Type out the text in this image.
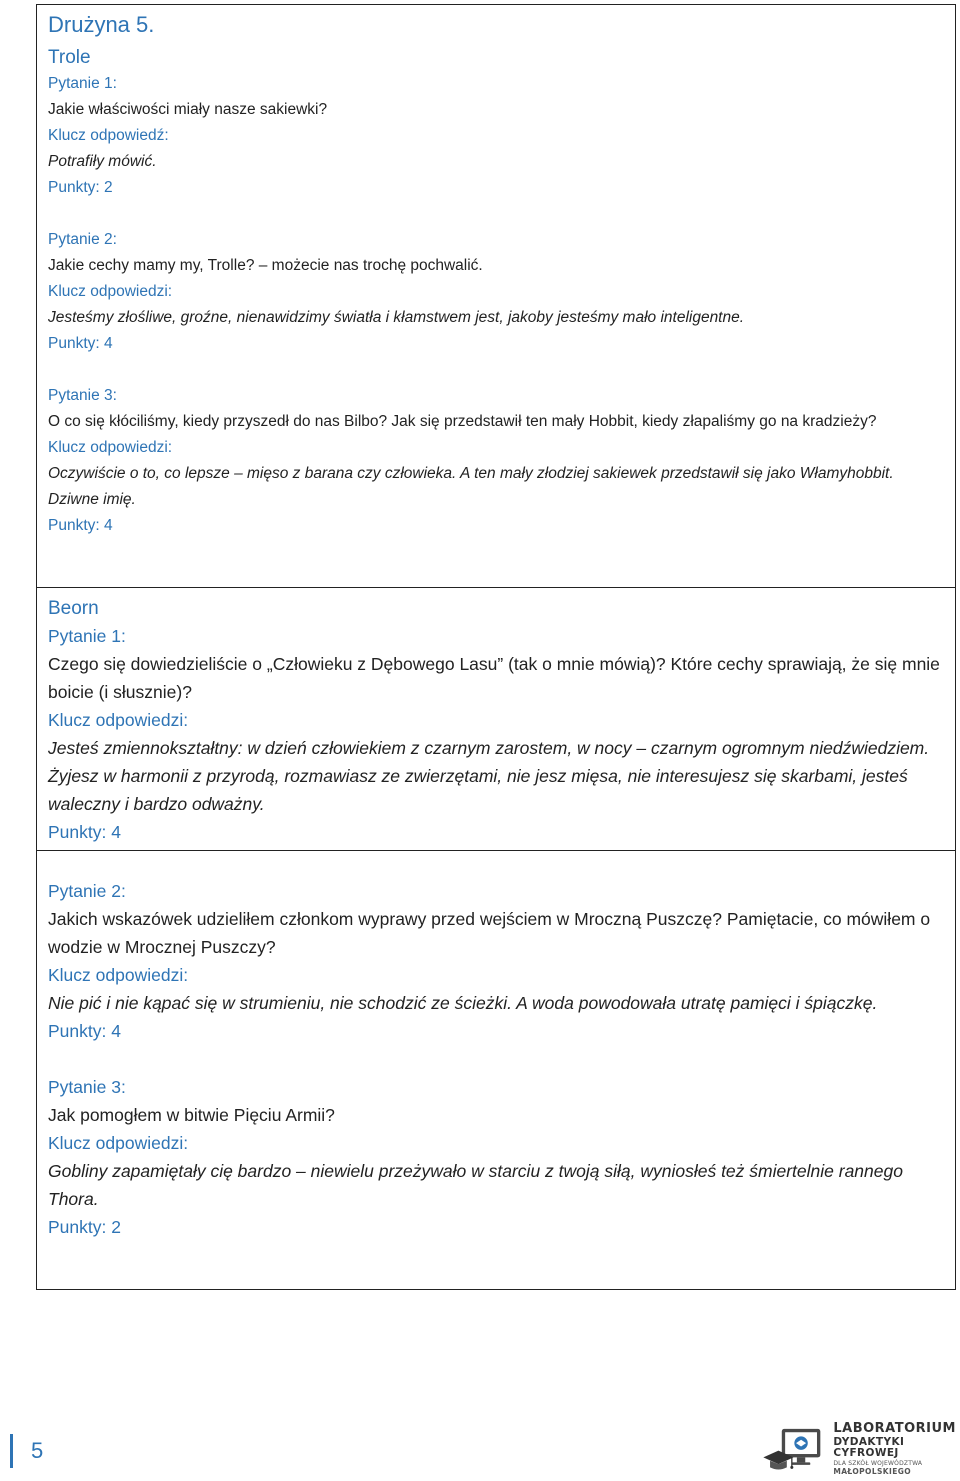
Drużyna 5.
Trole

Pytanie 1:

Jakie właściwości miały nasze sakiewki?

Klucz odpowiedź:

Potrafiły mówić.

Punkty: 2

Pytanie 2:

Jakie cechy mamy my, Trolle? – możecie nas trochę pochwalić.

Klucz odpowiedzi:

Jesteśmy złośliwe, groźne, nienawidzimy światła i kłamstwem jest, jakoby jesteśmy mało inteligentne.

Punkty: 4

Pytanie 3:

O co się kłóciliśmy, kiedy przyszedł do nas Bilbo? Jak się przedstawił ten mały Hobbit, kiedy złapaliśmy go na kradzieży?

Klucz odpowiedzi:

Oczywiście o to, co lepsze – mięso z barana czy człowieka. A ten mały złodziej sakiewek przedstawił się jako Włamyhobbit. Dziwne imię.

Punkty: 4

Beorn

Pytanie 1:

Czego się dowiedzieliście o „Człowieku z Dębowego Lasu” (tak o mnie mówią)? Które cechy sprawiają, że się mnie boicie (i słusznie)?

Klucz odpowiedzi:

Jesteś zmiennokształtny: w dzień człowiekiem z czarnym zarostem, w nocy – czarnym ogromnym niedźwiedziem. Żyjesz w harmonii z przyrodą, rozmawiasz ze zwierzętami, nie jesz mięsa, nie interesujesz się skarbami, jesteś waleczny i bardzo odważny.

Punkty: 4

Pytanie 2:

Jakich wskazówek udzieliłem członkom wyprawy przed wejściem w Mroczną Puszczę? Pamiętacie, co mówiłem o wodzie w Mrocznej Puszczy?

Klucz odpowiedzi:

Nie pić i nie kąpać się w strumieniu, nie schodzić ze ścieżki. A woda powodowała utratę pamięci i śpiączkę.

Punkty: 4

Pytanie 3:

Jak pomogłem w bitwie Pięciu Armii?

Klucz odpowiedzi:

Gobliny zapamiętały cię bardzo – niewielu przeżywało w starciu z twoją siłą, wyniosłeś też śmiertelnie rannego Thora.

Punkty: 2

5
LABORATORIUM
DYDAKTYKI CYFROWEJ
DLA SZKÓŁ WOJEWÓDZTWA
MAŁOPOLSKIEGO
